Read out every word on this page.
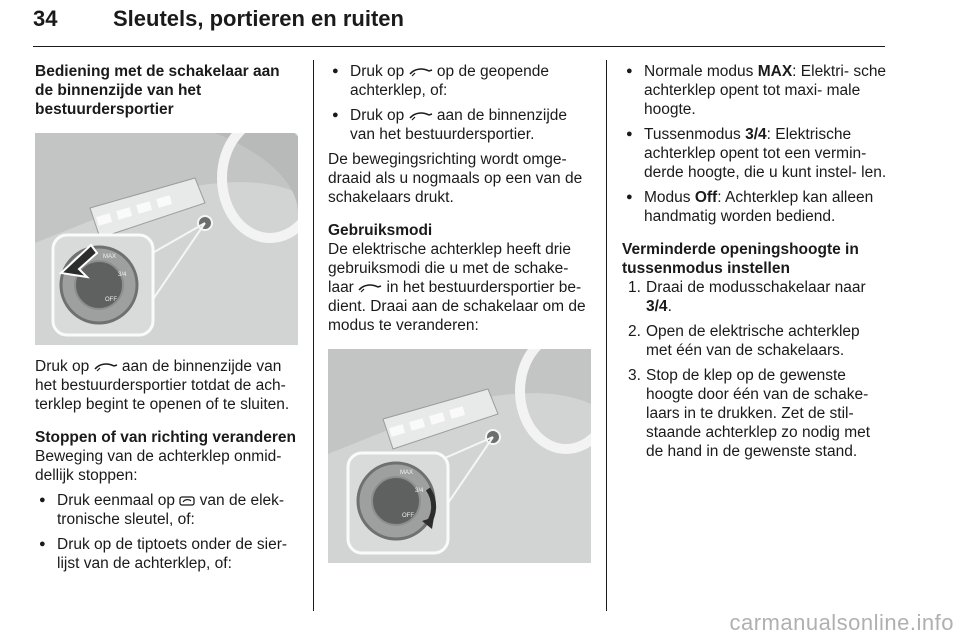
34	Sleutels, portieren en ruiten

Bediening met de schakelaar aan de binnenzijde van het bestuurdersportier

MAX
3/4
OFF

Druk op  aan de binnenzijde van het bestuurdersportier totdat de ach- terklep begint te openen of te sluiten.

Stoppen of van richting veranderen

Beweging van de achterklep onmid- dellijk stoppen:

● Druk eenmaal op  van de elek- tronische sleutel, of:

● Druk op de tiptoets onder de sier- lijst van de achterklep, of:

● Druk op  op de geopende achterklep, of:

● Druk op  aan de binnenzijde van het bestuurdersportier.

De bewegingsrichting wordt omge- draaid als u nogmaals op een van de schakelaars drukt.

Gebruiksmodi

De elektrische achterklep heeft drie gebruiksmodi die u met de schake- laar  in het bestuurdersportier be- dient. Draai aan de schakelaar om de modus te veranderen:

MAX
3/4
OFF

● Normale modus MAX: Elektri- sche achterklep opent tot maxi- male hoogte.

● Tussenmodus 3/4: Elektrische achterklep opent tot een vermin- derde hoogte, die u kunt instel- len.

● Modus Off: Achterklep kan alleen handmatig worden bediend.

Verminderde openingshoogte in tussenmodus instellen

1. Draai de modusschakelaar naar 3/4.

2. Open de elektrische achterklep met één van de schakelaars.

3. Stop de klep op de gewenste hoogte door één van de schake- laars in te drukken. Zet de stil- staande achterklep zo nodig met de hand in de gewenste stand.

carmanualsonline.info
